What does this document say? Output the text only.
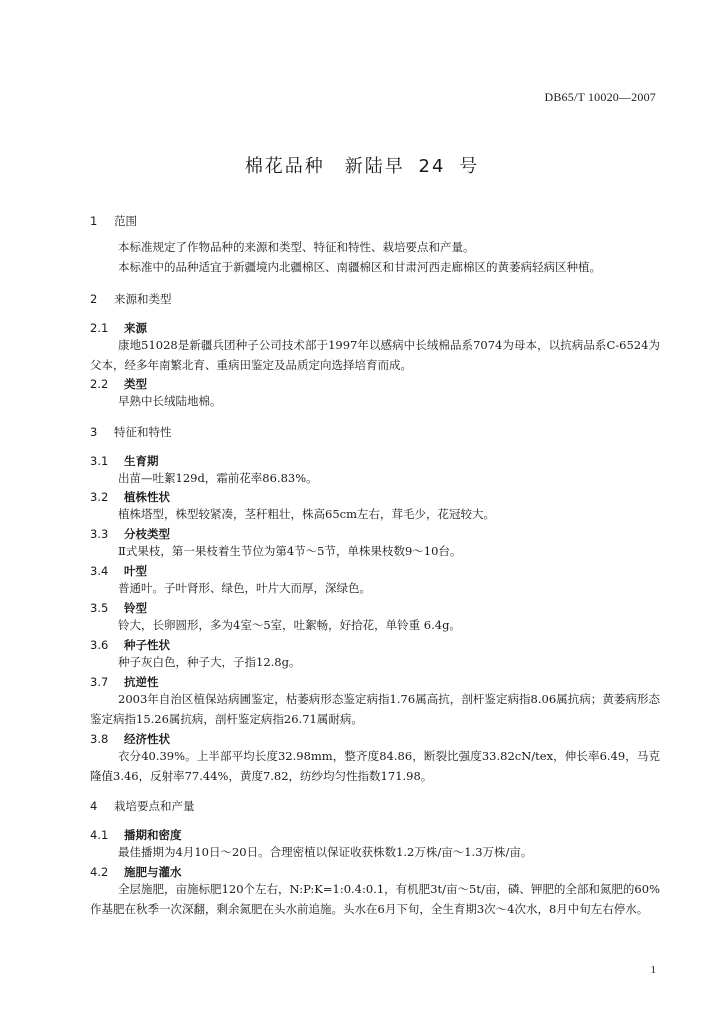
DB65/T 10020—2007
棉花品种　新陆早 24 号
1 范围
本标准规定了作物品种的来源和类型、特征和特性、栽培要点和产量。
本标准中的品种适宜于新疆境内北疆棉区、南疆棉区和甘肃河西走廊棉区的黄萎病轻病区种植。
2 来源和类型
2.1 来源
康地51028是新疆兵团种子公司技术部于1997年以感病中长绒棉品系7074为母本，以抗病品系C-6524为父本，经多年南繁北育、重病田鉴定及品质定向选择培育而成。
2.2 类型
早熟中长绒陆地棉。
3 特征和特性
3.1 生育期
出苗—吐絮129d，霜前花率86.83%。
3.2 植株性状
植株塔型，株型较紧凑，茎秆粗壮，株高65cm左右，茸毛少，花冠较大。
3.3 分枝类型
Ⅱ式果枝，第一果枝着生节位为第4节～5节，单株果枝数9～10台。
3.4 叶型
普通叶。子叶肾形、绿色，叶片大而厚，深绿色。
3.5 铃型
铃大，长卵圆形，多为4室～5室，吐絮畅，好拾花，单铃重 6.4g。
3.6 种子性状
种子灰白色，种子大，子指12.8g。
3.7 抗逆性
2003年自治区植保站病圃鉴定，枯萎病形态鉴定病指1.76属高抗，剖杆鉴定病指8.06属抗病；黄萎病形态鉴定病指15.26属抗病，剖杆鉴定病指26.71属耐病。
3.8 经济性状
衣分40.39%。上半部平均长度32.98mm，整齐度84.86，断裂比强度33.82cN/tex，伸长率6.49，马克隆值3.46，反射率77.44%，黄度7.82，纺纱均匀性指数171.98。
4 栽培要点和产量
4.1 播期和密度
最佳播期为4月10日～20日。合理密植以保证收获株数1.2万株/亩～1.3万株/亩。
4.2 施肥与灌水
全层施肥，亩施标肥120个左右，N:P:K=1:0.4:0.1，有机肥3t/亩～5t/亩，磷、钾肥的全部和氮肥的60%作基肥在秋季一次深翻，剩余氮肥在头水前追施。头水在6月下旬，全生育期3次～4次水，8月中旬左右停水。
1
